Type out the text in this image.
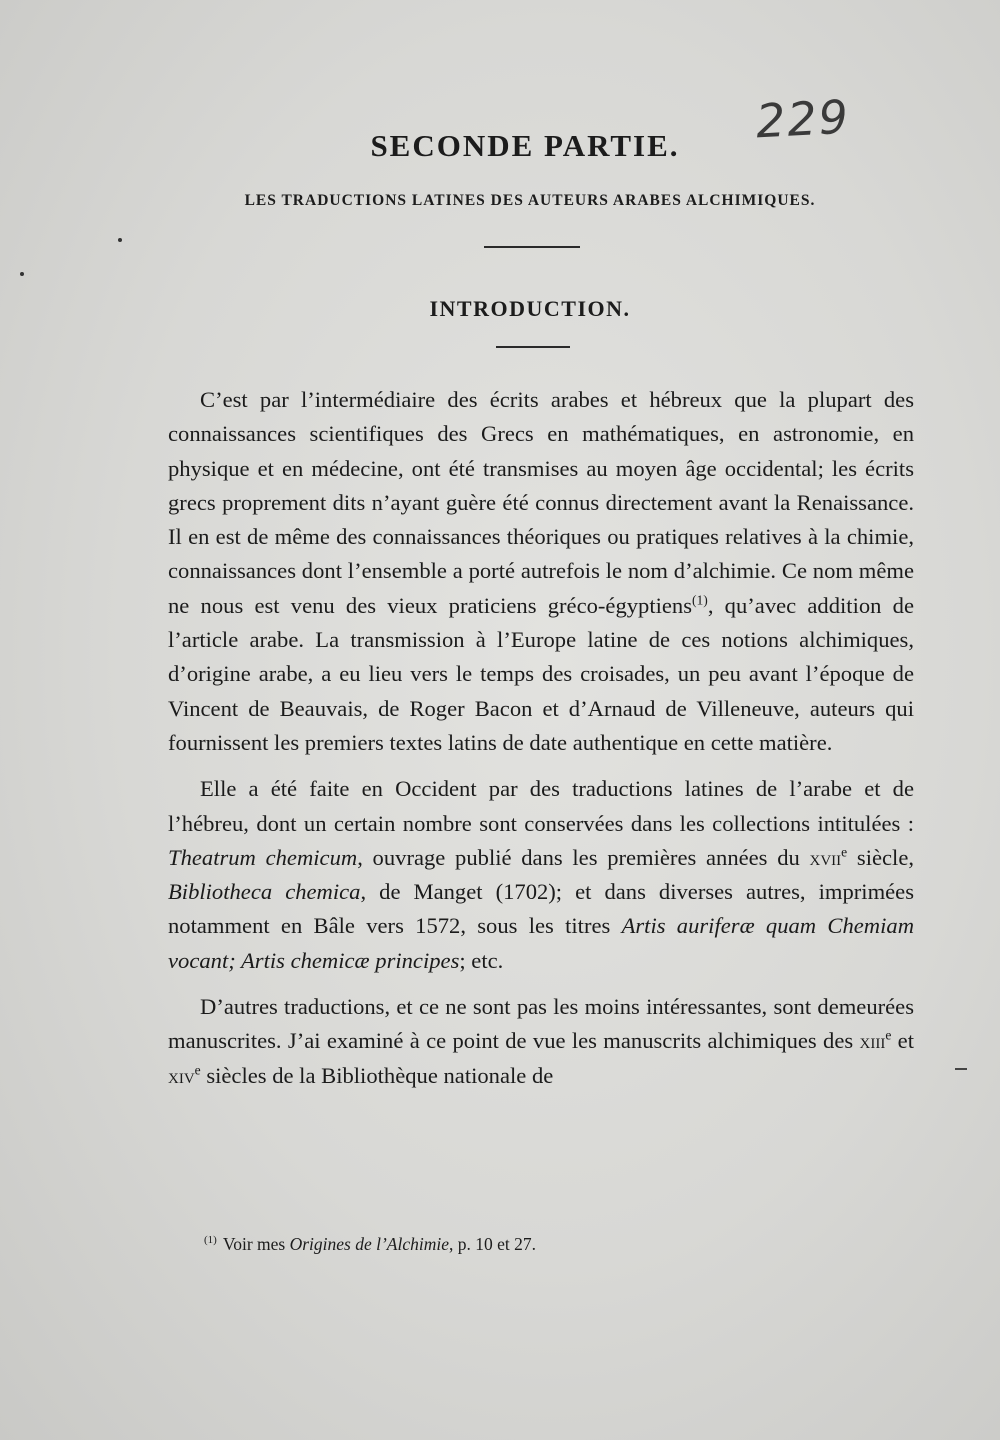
229
SECONDE PARTIE.
LES TRADUCTIONS LATINES DES AUTEURS ARABES ALCHIMIQUES.
INTRODUCTION.

C’est par l’intermédiaire des écrits arabes et hébreux que la plupart des connaissances scientifiques des Grecs en mathématiques, en astronomie, en physique et en médecine, ont été transmises au moyen âge occidental; les écrits grecs proprement dits n’ayant guère été connus directement avant la Renaissance. Il en est de même des connaissances théoriques ou pratiques relatives à la chimie, connaissances dont l’ensemble a porté autrefois le nom d’alchimie. Ce nom même ne nous est venu des vieux praticiens gréco-égyptiens$^{(1)}$, qu’avec addition de l’article arabe. La transmission à l’Europe latine de ces notions alchimiques, d’origine arabe, a eu lieu vers le temps des croisades, un peu avant l’époque de Vincent de Beauvais, de Roger Bacon et d’Arnaud de Villeneuve, auteurs qui fournissent les premiers textes latins de date authentique en cette matière.

Elle a été faite en Occident par des traductions latines de l’arabe et de l’hébreu, dont un certain nombre sont conservées dans les collections intitulées : Theatrum chemicum, ouvrage publié dans les premières années du xvii$^e$ siècle, Bibliotheca chemica, de Manget (1702); et dans diverses autres, imprimées notamment en Bâle vers 1572, sous les titres Artis auriferæ quam Chemiam vocant; Artis chemicæ principes; etc.

D’autres traductions, et ce ne sont pas les moins intéressantes, sont demeurées manuscrites. J’ai examiné à ce point de vue les manuscrits alchimiques des xiii$^e$ et xiv$^e$ siècles de la Bibliothèque nationale de

$^{(1)}$ Voir mes Origines de l’Alchimie, p. 10 et 27.
